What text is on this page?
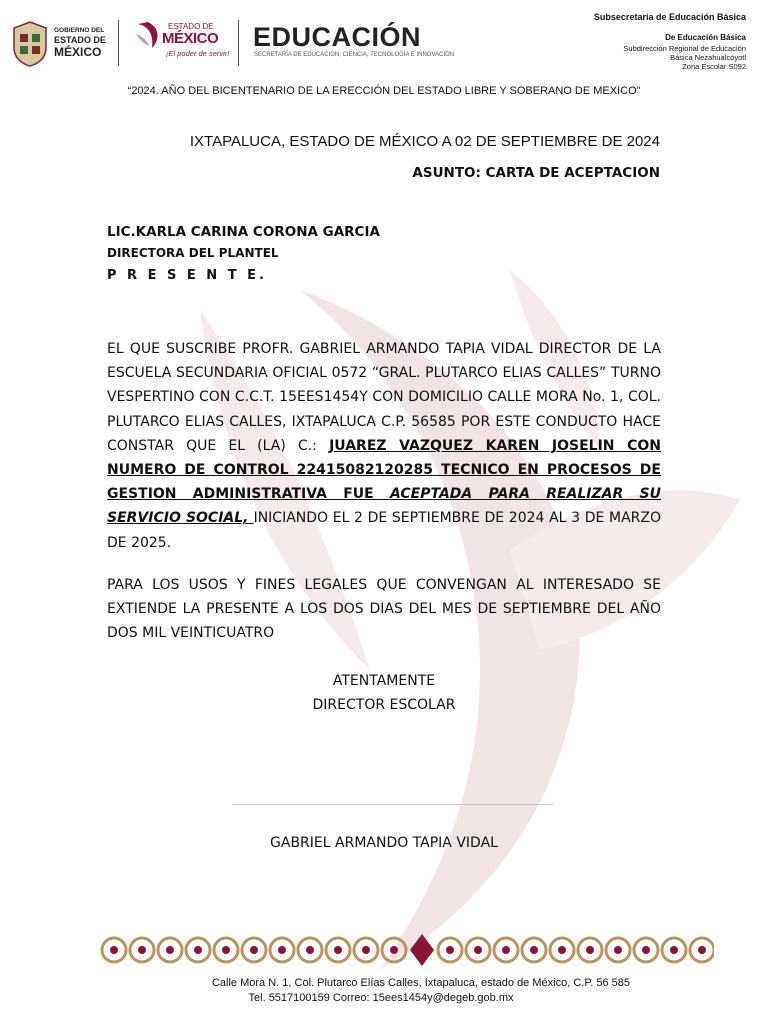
GOBIERNO DEL
ESTADO DE
MÉXICO
ESTADO DE
MÉXICO
¡El poder de servir!
EDUCACIÓN
SECRETARÍA DE EDUCACIÓN, CIENCIA, TECNOLOGÍA E INNOVACIÓN
Subsecretaría de Educación Básica
De Educación Básica
Subdirección Regional de Educación
Básica Nezahualcóyotl
Zona Escolar S092
“2024. AÑO DEL BICENTENARIO DE LA ERECCIÓN DEL ESTADO LIBRE Y SOBERANO DE MEXICO”
IXTAPALUCA, ESTADO DE MÉXICO A 02 DE SEPTIEMBRE DE 2024
ASUNTO: CARTA DE ACEPTACION
LIC.KARLA CARINA CORONA GARCIA
DIRECTORA DEL PLANTEL
P R E S E N T E.
EL QUE SUSCRIBE PROFR. GABRIEL ARMANDO TAPIA VIDAL DIRECTOR DE LA ESCUELA SECUNDARIA OFICIAL 0572 “GRAL. PLUTARCO ELIAS CALLES” TURNO VESPERTINO CON C.C.T. 15EES1454Y CON DOMICILIO CALLE MORA No. 1, COL. PLUTARCO ELIAS CALLES, IXTAPALUCA C.P. 56585 POR ESTE CONDUCTO HACE CONSTAR QUE EL (LA) C.: JUAREZ VAZQUEZ KAREN JOSELIN CON NUMERO DE CONTROL 22415082120285 TECNICO EN PROCESOS DE GESTION ADMINISTRATIVA FUE ACEPTADA PARA REALIZAR SU SERVICIO SOCIAL, INICIANDO EL 2 DE SEPTIEMBRE DE 2024 AL 3 DE MARZO DE 2025.
PARA LOS USOS Y FINES LEGALES QUE CONVENGAN AL INTERESADO SE EXTIENDE LA PRESENTE A LOS DOS DIAS DEL MES DE SEPTIEMBRE DEL AÑO DOS MIL VEINTICUATRO
ATENTAMENTE
DIRECTOR ESCOLAR
GABRIEL ARMANDO TAPIA VIDAL
Calle Mora N. 1, Col. Plutarco Elías Calles, Ixtapaluca, estado de México, C.P. 56 585
Tel. 5517100159 Correo: 15ees1454y@degeb.gob.mx
